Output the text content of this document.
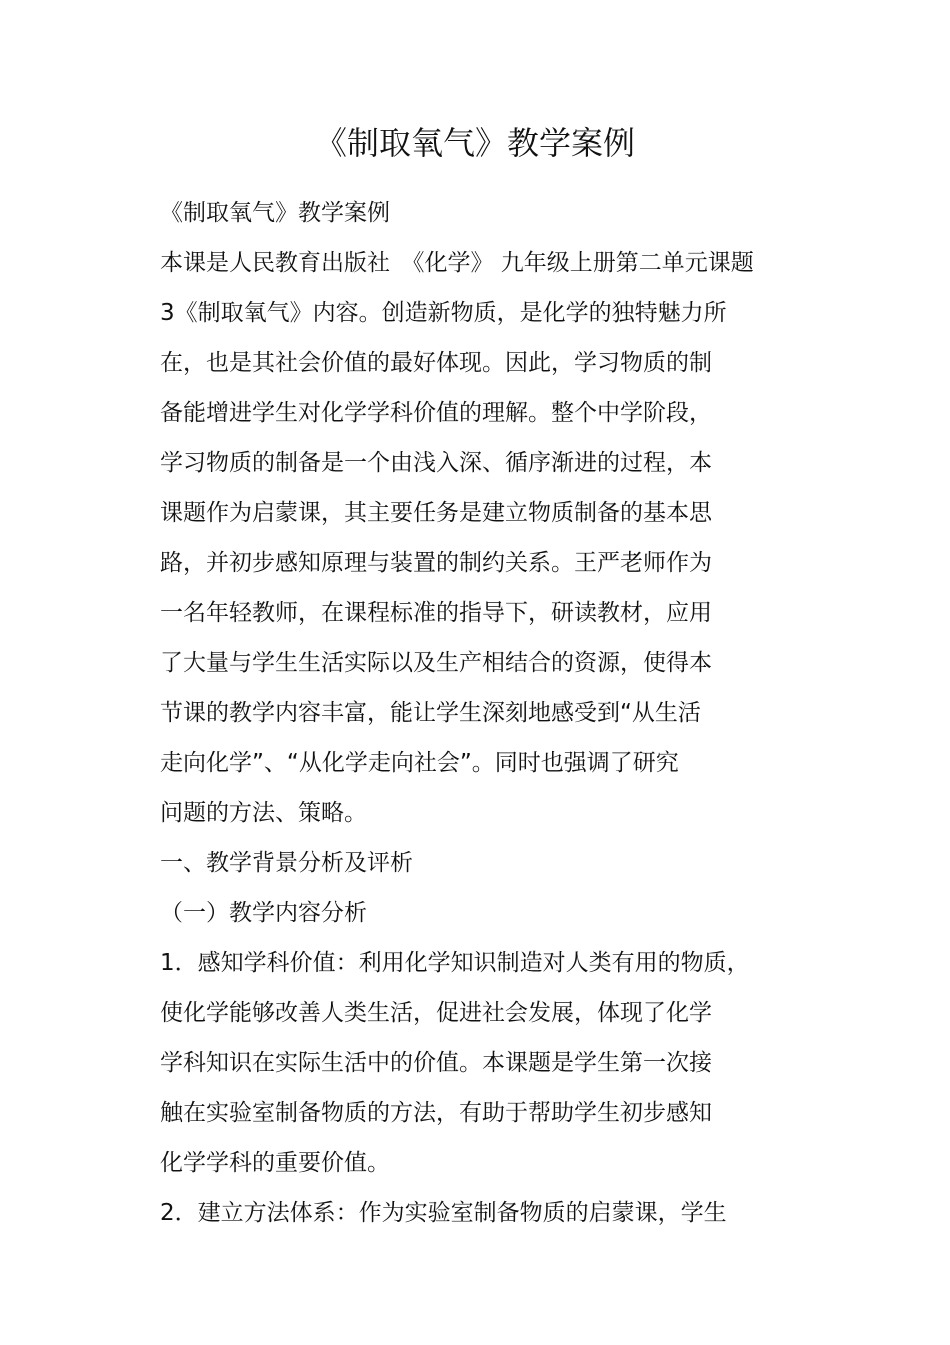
《制取氧气》教学案例
《制取氧气》教学案例
本课是人民教育出版社　《化学》 九年级上册第二单元课题
3《制取氧气》内容。创造新物质，是化学的独特魅力所
在，也是其社会价值的最好体现。因此，学习物质的制
备能增进学生对化学学科价值的理解。整个中学阶段，
学习物质的制备是一个由浅入深、循序渐进的过程，本
课题作为启蒙课，其主要任务是建立物质制备的基本思
路，并初步感知原理与装置的制约关系。王严老师作为
一名年轻教师，在课程标准的指导下，研读教材，应用
了大量与学生生活实际以及生产相结合的资源，使得本
节课的教学内容丰富，能让学生深刻地感受到“从生活
走向化学”、“从化学走向社会”。同时也强调了研究
问题的方法、策略。
一、教学背景分析及评析
（一）教学内容分析
1．感知学科价值：利用化学知识制造对人类有用的物质，
使化学能够改善人类生活，促进社会发展，体现了化学
学科知识在实际生活中的价值。本课题是学生第一次接
触在实验室制备物质的方法，有助于帮助学生初步感知
化学学科的重要价值。
2．建立方法体系：作为实验室制备物质的启蒙课，学生
